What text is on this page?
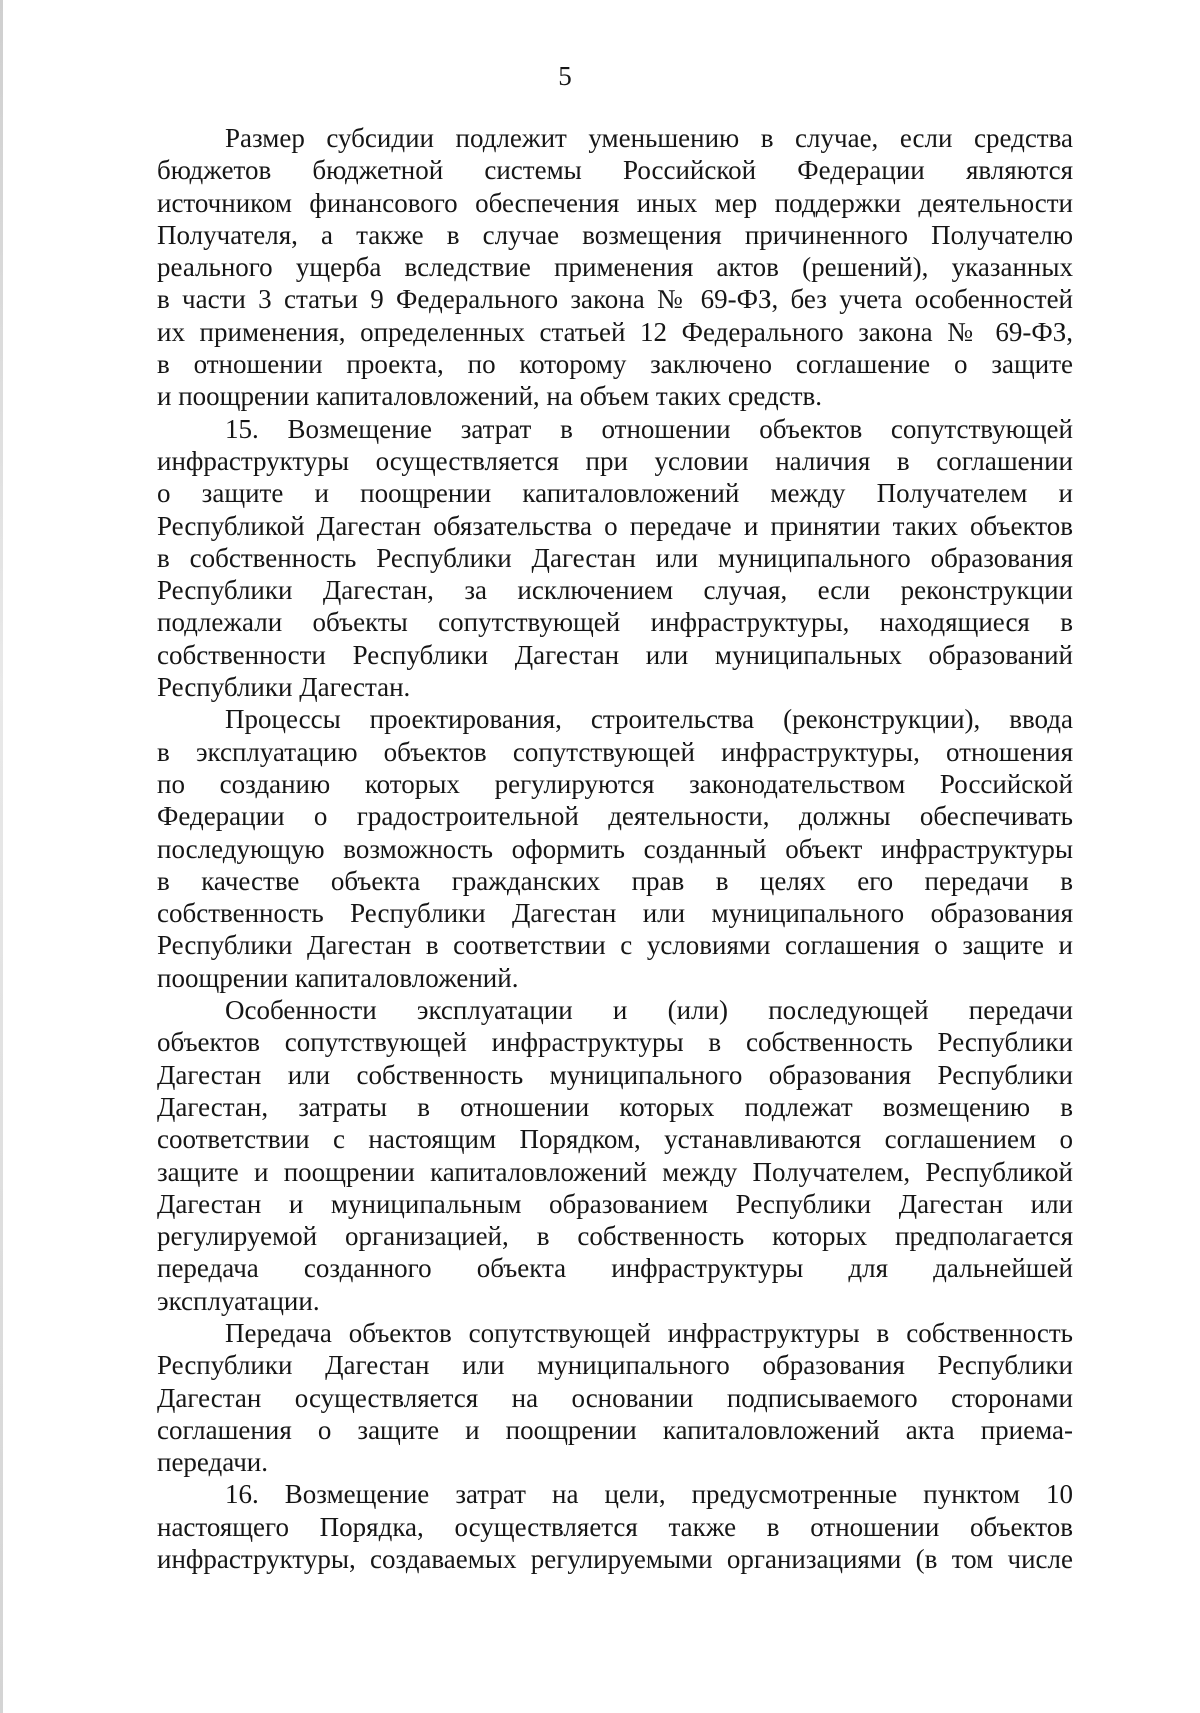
5
Размер субсидии подлежит уменьшению в случае, если средства
бюджетов бюджетной системы Российской Федерации являются
источником финансового обеспечения иных мер поддержки деятельности
Получателя, а также в случае возмещения причиненного Получателю
реального ущерба вследствие применения актов (решений), указанных
в части 3 статьи 9 Федерального закона № 69-ФЗ, без учета особенностей
их применения, определенных статьей 12 Федерального закона № 69-ФЗ,
в отношении проекта, по которому заключено соглашение о защите
и поощрении капиталовложений, на объем таких средств.
15. Возмещение затрат в отношении объектов сопутствующей
инфраструктуры осуществляется при условии наличия в соглашении
о защите и поощрении капиталовложений между Получателем и
Республикой Дагестан обязательства о передаче и принятии таких объектов
в собственность Республики Дагестан или муниципального образования
Республики Дагестан, за исключением случая, если реконструкции
подлежали объекты сопутствующей инфраструктуры, находящиеся в
собственности Республики Дагестан или муниципальных образований
Республики Дагестан.
Процессы проектирования, строительства (реконструкции), ввода
в эксплуатацию объектов сопутствующей инфраструктуры, отношения
по созданию которых регулируются законодательством Российской
Федерации о градостроительной деятельности, должны обеспечивать
последующую возможность оформить созданный объект инфраструктуры
в качестве объекта гражданских прав в целях его передачи в
собственность Республики Дагестан или муниципального образования
Республики Дагестан в соответствии с условиями соглашения о защите и
поощрении капиталовложений.
Особенности эксплуатации и (или) последующей передачи
объектов сопутствующей инфраструктуры в собственность Республики
Дагестан или собственность муниципального образования Республики
Дагестан, затраты в отношении которых подлежат возмещению в
соответствии с настоящим Порядком, устанавливаются соглашением о
защите и поощрении капиталовложений между Получателем, Республикой
Дагестан и муниципальным образованием Республики Дагестан или
регулируемой организацией, в собственность которых предполагается
передача созданного объекта инфраструктуры для дальнейшей
эксплуатации.
Передача объектов сопутствующей инфраструктуры в собственность
Республики Дагестан или муниципального образования Республики
Дагестан осуществляется на основании подписываемого сторонами
соглашения о защите и поощрении капиталовложений акта приема-
передачи.
16. Возмещение затрат на цели, предусмотренные пунктом 10
настоящего Порядка, осуществляется также в отношении объектов
инфраструктуры, создаваемых регулируемыми организациями (в том числе
